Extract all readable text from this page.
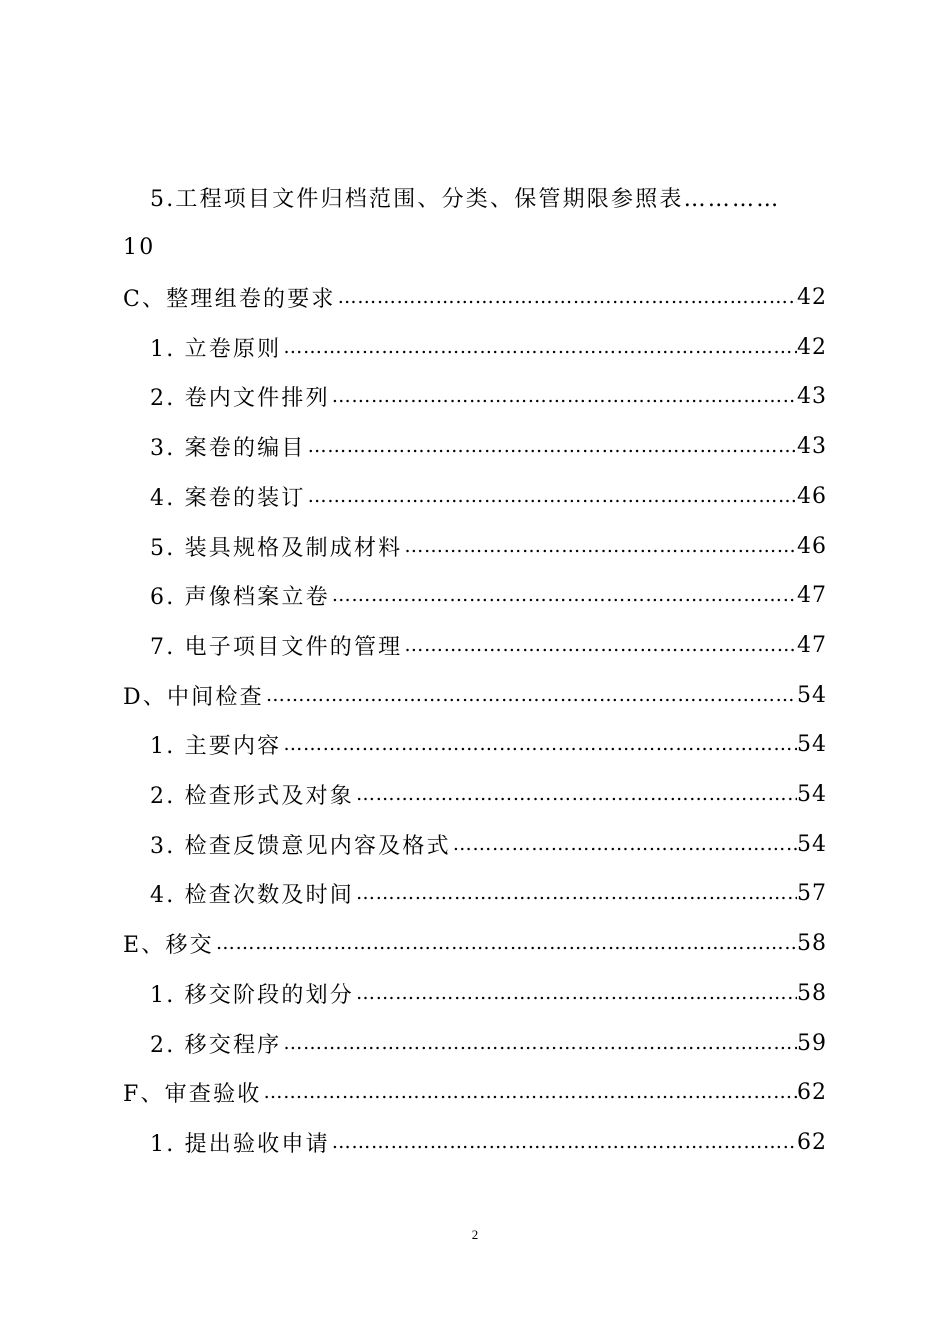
5.工程项目文件归档范围、分类、保管期限参照表…………
10
C、整理组卷的要求 …………………………………………………………………………………………………………………………………………………………………………	42
1. 立卷原则 …………………………………………………………………………………………………………………………………………………………………………	42
2. 卷内文件排列 …………………………………………………………………………………………………………………………………………………………………………	43
3. 案卷的编目 …………………………………………………………………………………………………………………………………………………………………………	43
4. 案卷的装订 …………………………………………………………………………………………………………………………………………………………………………	46
5. 装具规格及制成材料 …………………………………………………………………………………………………………………………………………………………………………	46
6. 声像档案立卷 …………………………………………………………………………………………………………………………………………………………………………	47
7. 电子项目文件的管理 …………………………………………………………………………………………………………………………………………………………………………	47
D、中间检查 …………………………………………………………………………………………………………………………………………………………………………	54
1. 主要内容 …………………………………………………………………………………………………………………………………………………………………………	54
2. 检查形式及对象 …………………………………………………………………………………………………………………………………………………………………………	54
3. 检查反馈意见内容及格式 …………………………………………………………………………………………………………………………………………………………………………	54
4. 检查次数及时间 …………………………………………………………………………………………………………………………………………………………………………	57
E、移交 …………………………………………………………………………………………………………………………………………………………………………	58
1. 移交阶段的划分 …………………………………………………………………………………………………………………………………………………………………………	58
2. 移交程序 …………………………………………………………………………………………………………………………………………………………………………	59
F、审查验收 …………………………………………………………………………………………………………………………………………………………………………	62
1. 提出验收申请 …………………………………………………………………………………………………………………………………………………………………………	62
2
